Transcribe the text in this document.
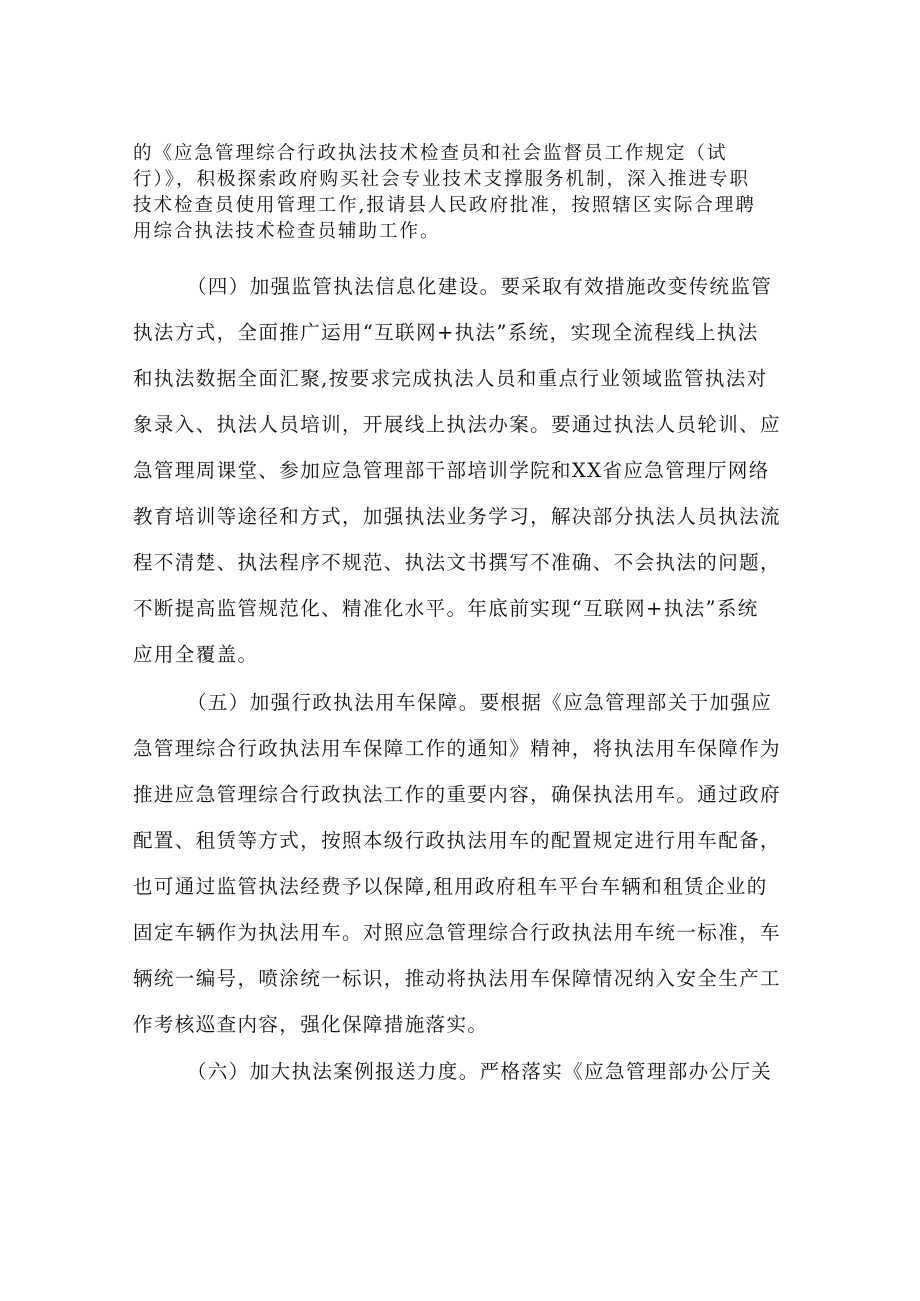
的《应急管理综合行政执法技术检查员和社会监督员工作规定（试
行）》，积极探索政府购买社会专业技术支撑服务机制，深入推进专职
技术检查员使用管理工作,报请县人民政府批准，按照辖区实际合理聘
用综合执法技术检查员辅助工作。
（四）加强监管执法信息化建设。要采取有效措施改变传统监管
执法方式，全面推广运用“互联网+执法”系统，实现全流程线上执法
和执法数据全面汇聚,按要求完成执法人员和重点行业领域监管执法对
象录入、执法人员培训，开展线上执法办案。要通过执法人员轮训、应
急管理周课堂、参加应急管理部干部培训学院和XX省应急管理厅网络
教育培训等途径和方式，加强执法业务学习，解决部分执法人员执法流
程不清楚、执法程序不规范、执法文书撰写不准确、不会执法的问题，
不断提高监管规范化、精准化水平。年底前实现“互联网+执法”系统
应用全覆盖。
（五）加强行政执法用车保障。要根据《应急管理部关于加强应
急管理综合行政执法用车保障工作的通知》精神，将执法用车保障作为
推进应急管理综合行政执法工作的重要内容，确保执法用车。通过政府
配置、租赁等方式，按照本级行政执法用车的配置规定进行用车配备，
也可通过监管执法经费予以保障,租用政府租车平台车辆和租赁企业的
固定车辆作为执法用车。对照应急管理综合行政执法用车统一标准，车
辆统一编号，喷涂统一标识，推动将执法用车保障情况纳入安全生产工
作考核巡查内容，强化保障措施落实。
（六）加大执法案例报送力度。严格落实《应急管理部办公厅关
